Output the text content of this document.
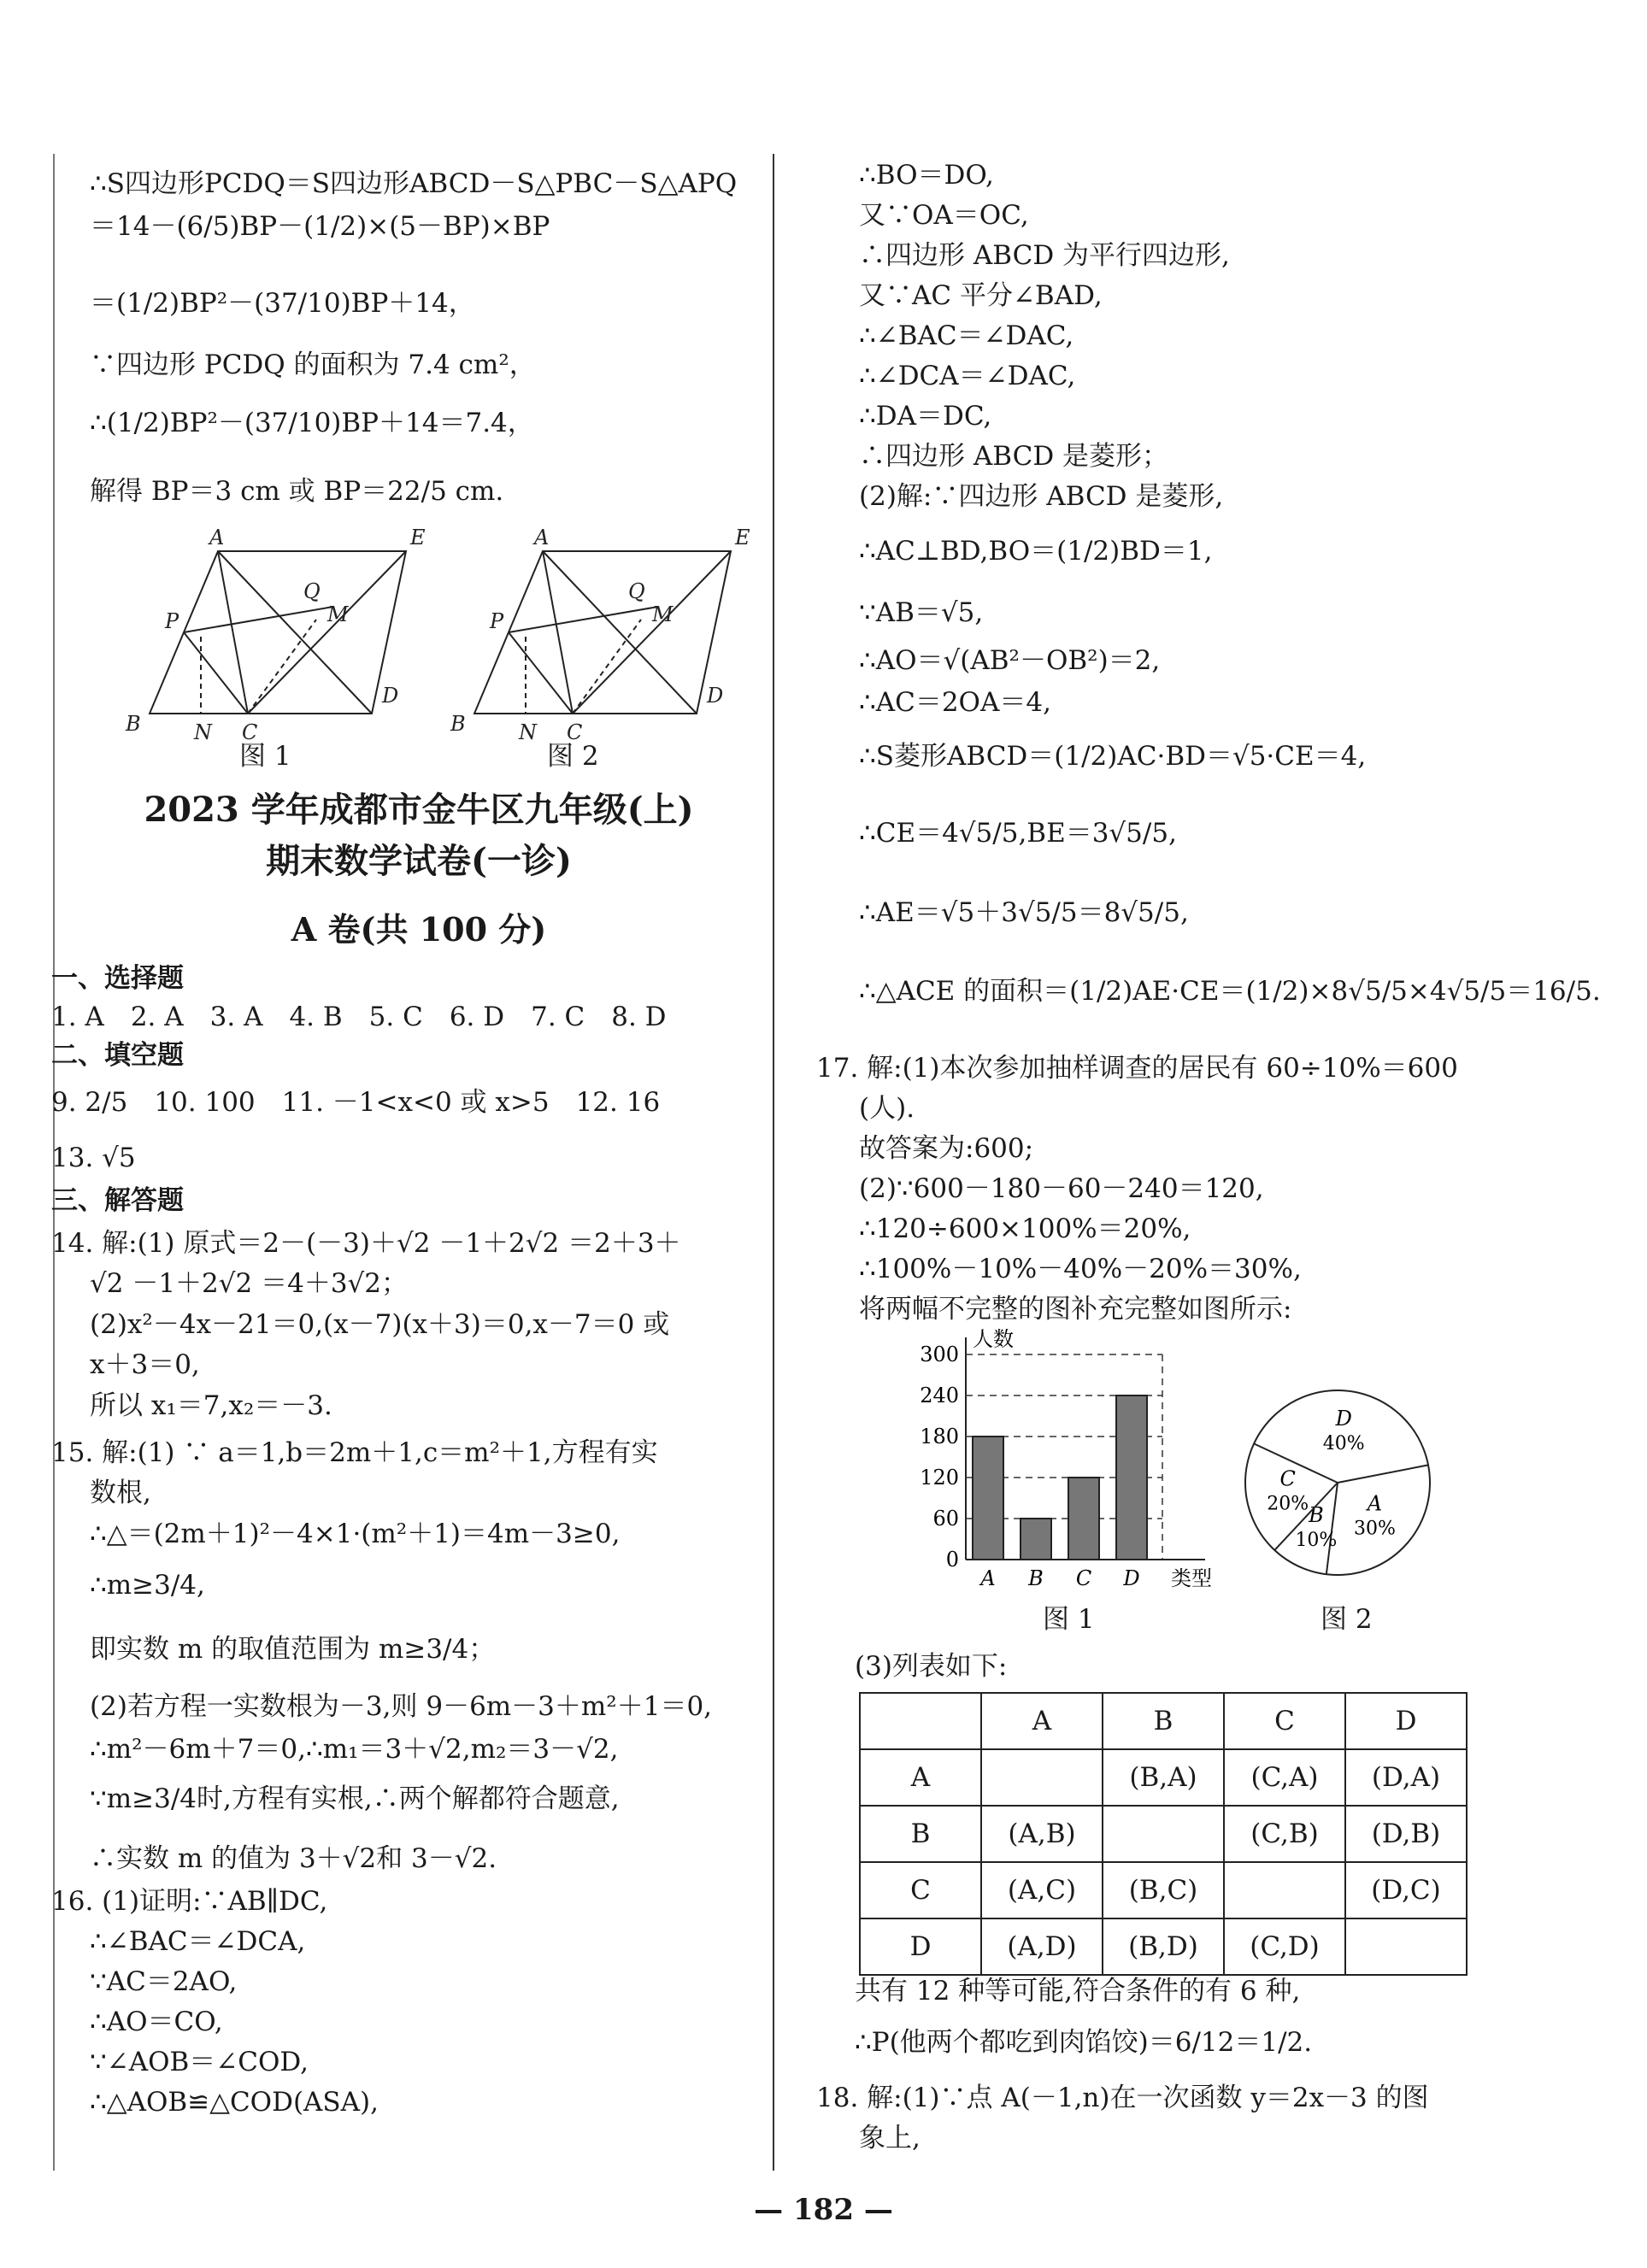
∴S四边形PCDQ＝S四边形ABCD－S△PBC－S△APQ
＝14－(6/5)BP－(1/2)×(5－BP)×BP
＝(1/2)BP²－(37/10)BP＋14，
∵四边形 PCDQ 的面积为 7.4 cm²，
∴(1/2)BP²－(37/10)BP＋14＝7.4，
解得 BP＝3 cm 或 BP＝22/5 cm.
A	E
Q
M
P
D
B	N C
A	E
Q
M
P
D
B	N C
图 1	图 2
2023 学年成都市金牛区九年级(上)
期末数学试卷(一诊)
A 卷(共 100 分)
一、选择题
1. A　2. A　3. A　4. B　5. C　6. D　7. C　8. D
二、填空题
9. 2/5　10. 100　11. －1<x<0 或 x>5　12. 16
13. √5
三、解答题
14. 解:(1) 原式＝2－(－3)＋√2 －1＋2√2 ＝2＋3＋
√2 －1＋2√2 ＝4＋3√2；
(2)x²－4x－21＝0,(x－7)(x＋3)＝0,x－7＝0 或
x＋3＝0,
所以 x₁＝7,x₂＝－3.
15. 解:(1) ∵ a＝1,b＝2m＋1,c＝m²＋1,方程有实
数根,
∴△＝(2m＋1)²－4×1·(m²＋1)＝4m－3≥0,
∴m≥3/4,
即实数 m 的取值范围为 m≥3/4；
(2)若方程一实数根为－3,则 9－6m－3＋m²＋1＝0,
∴m²－6m＋7＝0,∴m₁＝3＋√2,m₂＝3－√2,
∵m≥3/4时,方程有实根,∴两个解都符合题意,
∴实数 m 的值为 3＋√2和 3－√2.
16. (1)证明:∵AB∥DC,
∴∠BAC＝∠DCA,
∵AC＝2AO,
∴AO＝CO,
∵∠AOB＝∠COD,
∴△AOB≌△COD(ASA),
∴BO＝DO,
又∵OA＝OC,
∴四边形 ABCD 为平行四边形,
又∵AC 平分∠BAD,
∴∠BAC＝∠DAC,
∴∠DCA＝∠DAC,
∴DA＝DC,
∴四边形 ABCD 是菱形；
(2)解:∵四边形 ABCD 是菱形,
∴AC⊥BD,BO＝(1/2)BD＝1,
∵AB＝√5,
∴AO＝√(AB²－OB²)＝2,
∴AC＝2OA＝4,
∴S菱形ABCD＝(1/2)AC·BD＝√5·CE＝4,
∴CE＝4√5/5,BE＝3√5/5,
∴AE＝√5＋3√5/5＝8√5/5,
∴△ACE 的面积＝(1/2)AE·CE＝(1/2)×8√5/5×4√5/5＝16/5.
17. 解:(1)本次参加抽样调查的居民有 60÷10%＝600
(人).
故答案为:600;
(2)∵600－180－60－240＝120,
∴120÷600×100%＝20%,
∴100%－10%－40%－20%＝30%,
将两幅不完整的图补充完整如图所示:
人数
类型
0
60
120
180
240
300
A B C D
D
40%
A
30%
B
10%
C
20%
图 1	图 2
(3)列表如下:
	A	B	C	D
A		(B,A)	(C,A)	(D,A)
B	(A,B)		(C,B)	(D,B)
C	(A,C)	(B,C)		(D,C)
D	(A,D)	(B,D)	(C,D)	
共有 12 种等可能,符合条件的有 6 种,
∴P(他两个都吃到肉馅饺)＝6/12＝1/2.
18. 解:(1)∵点 A(－1,n)在一次函数 y＝2x－3 的图
象上,
— 182 —
